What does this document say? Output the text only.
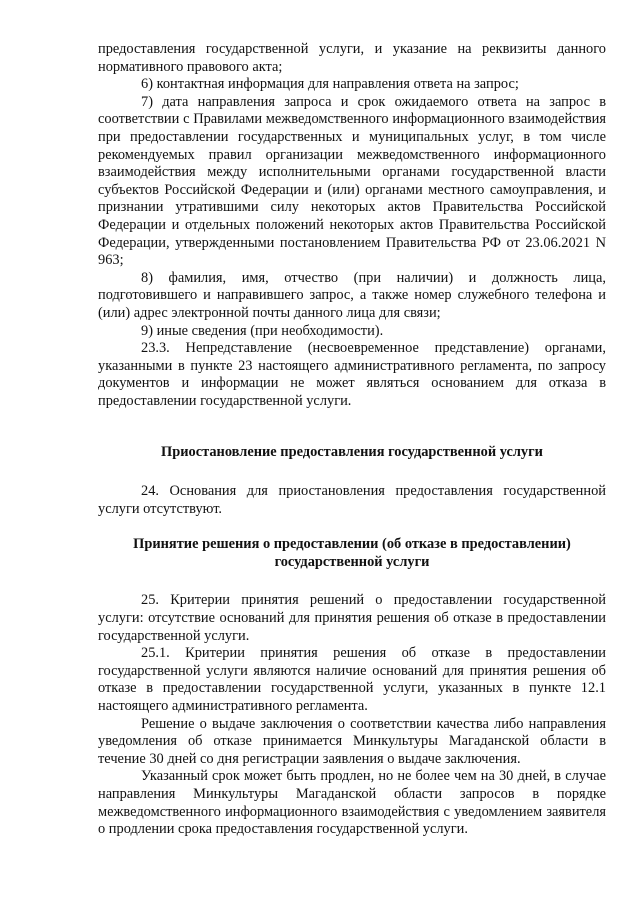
предоставления государственной услуги, и указание на реквизиты данного нормативного правового акта;

6) контактная информация для направления ответа на запрос;

7) дата направления запроса и срок ожидаемого ответа на запрос в соответствии с Правилами межведомственного информационного взаимодействия при предоставлении государственных и муниципальных услуг, в том числе рекомендуемых правил организации межведомственного информационного взаимодействия между исполнительными органами государственной власти субъектов Российской Федерации и (или) органами местного самоуправления, и признании утратившими силу некоторых актов Правительства Российской Федерации и отдельных положений некоторых актов Правительства Российской Федерации, утвержденными постановлением Правительства РФ от 23.06.2021 N 963;

8) фамилия, имя, отчество (при наличии) и должность лица, подготовившего и направившего запрос, а также номер служебного телефона и (или) адрес электронной почты данного лица для связи;

9) иные сведения (при необходимости).

23.3. Непредставление (несвоевременное представление) органами, указанными в пункте 23 настоящего административного регламента, по запросу документов и информации не может являться основанием для отказа в предоставлении государственной услуги.

Приостановление предоставления государственной услуги

24. Основания для приостановления предоставления государственной услуги отсутствуют.

Принятие решения о предоставлении (об отказе в предоставлении) государственной услуги

25. Критерии принятия решений о предоставлении государственной услуги: отсутствие оснований для принятия решения об отказе в предоставлении государственной услуги.

25.1. Критерии принятия решения об отказе в предоставлении государственной услуги являются наличие оснований для принятия решения об отказе в предоставлении государственной услуги, указанных в пункте 12.1 настоящего административного регламента.

Решение о выдаче заключения о соответствии качества либо направления уведомления об отказе принимается Минкультуры Магаданской области в течение 30 дней со дня регистрации заявления о выдаче заключения.

Указанный срок может быть продлен, но не более чем на 30 дней, в случае направления Минкультуры Магаданской области запросов в порядке межведомственного информационного взаимодействия с уведомлением заявителя о продлении срока предоставления государственной услуги.
